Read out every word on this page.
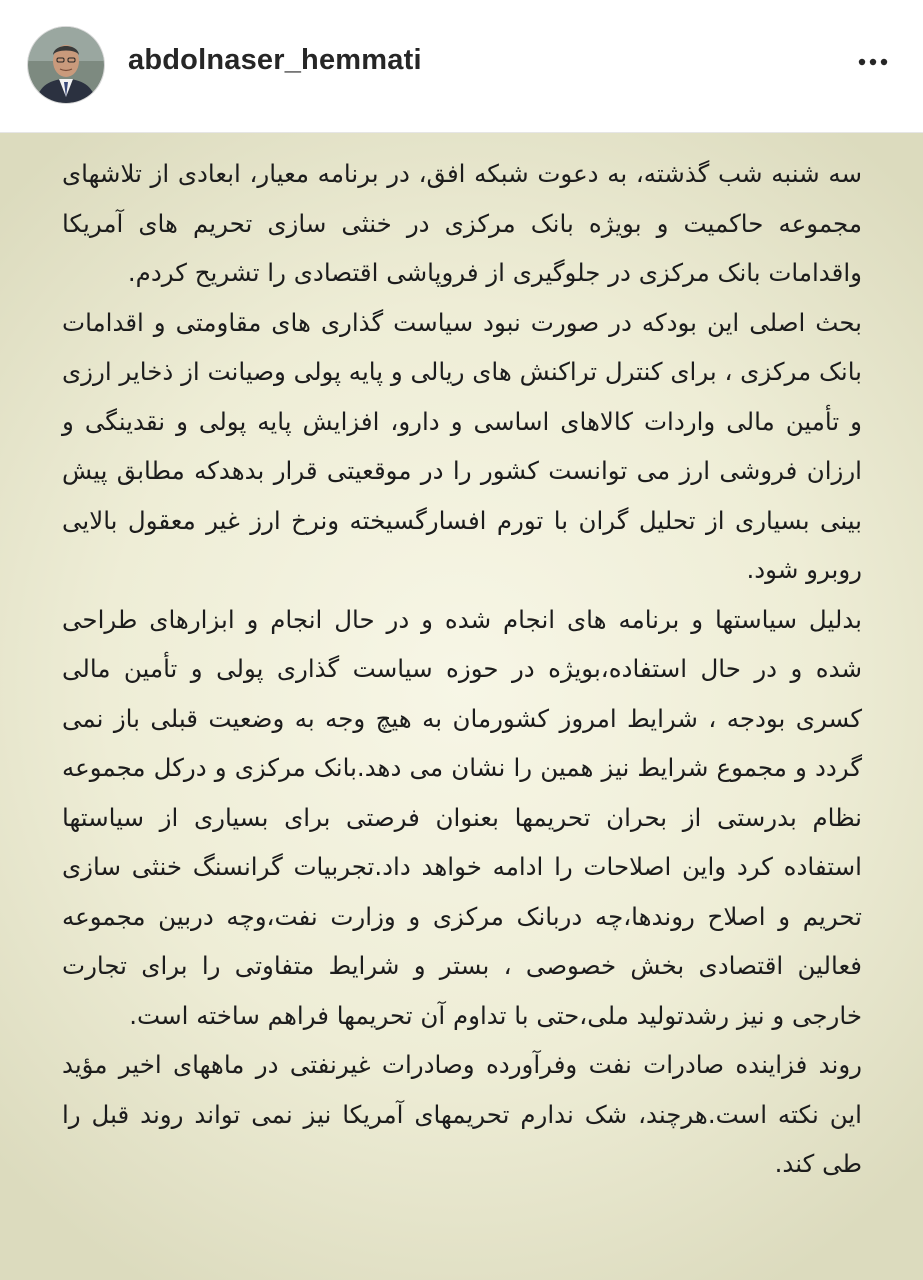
abdolnaser_hemmati

سه شنبه شب گذشته، به دعوت شبکه افق، در برنامه معیار، ابعادی از تلاشهای مجموعه حاکمیت و بویژه بانک مرکزی در خنثی سازی تحریم های آمریکا واقدامات بانک مرکزی در جلوگیری از فروپاشی اقتصادی را تشریح کردم.

بحث اصلی این بودکه در صورت نبود سیاست گذاری های مقاومتی و اقدامات بانک مرکزی ، برای کنترل تراکنش های ریالی و پایه پولی وصیانت از ذخایر ارزی و تأمین مالی واردات کالاهای اساسی و دارو، افزایش پایه پولی و نقدینگی و ارزان فروشی ارز می توانست کشور را در موقعیتی قرار بدهدکه مطابق پیش بینی بسیاری از تحلیل گران با تورم افسارگسیخته ونرخ ارز غیر معقول بالایی روبرو شود.

بدلیل سیاستها و برنامه های انجام شده و در حال انجام و ابزارهای طراحی شده و در حال استفاده،بویژه در حوزه سیاست گذاری پولی و تأمین مالی کسری بودجه ، شرایط امروز کشورمان به هیچ وجه به وضعیت قبلی باز نمی گردد و مجموع شرایط نیز همین را نشان می دهد.بانک مرکزی و درکل مجموعه نظام بدرستی از بحران تحریمها بعنوان فرصتی برای بسیاری از سیاستها استفاده کرد واین اصلاحات را ادامه خواهد داد.تجربیات گرانسنگ خنثی سازی تحریم و اصلاح روندها،چه دربانک مرکزی و وزارت نفت،وچه دربین مجموعه فعالین اقتصادی بخش خصوصی ، بستر و شرایط متفاوتی را برای تجارت خارجی و نیز رشدتولید ملی،حتی با تداوم آن تحریمها فراهم ساخته است.

روند فزاینده صادرات نفت وفرآورده وصادرات غیرنفتی در ماههای اخیر مؤید این نکته است.هرچند، شک ندارم تحریمهای آمریکا نیز نمی تواند روند قبل را طی کند.
